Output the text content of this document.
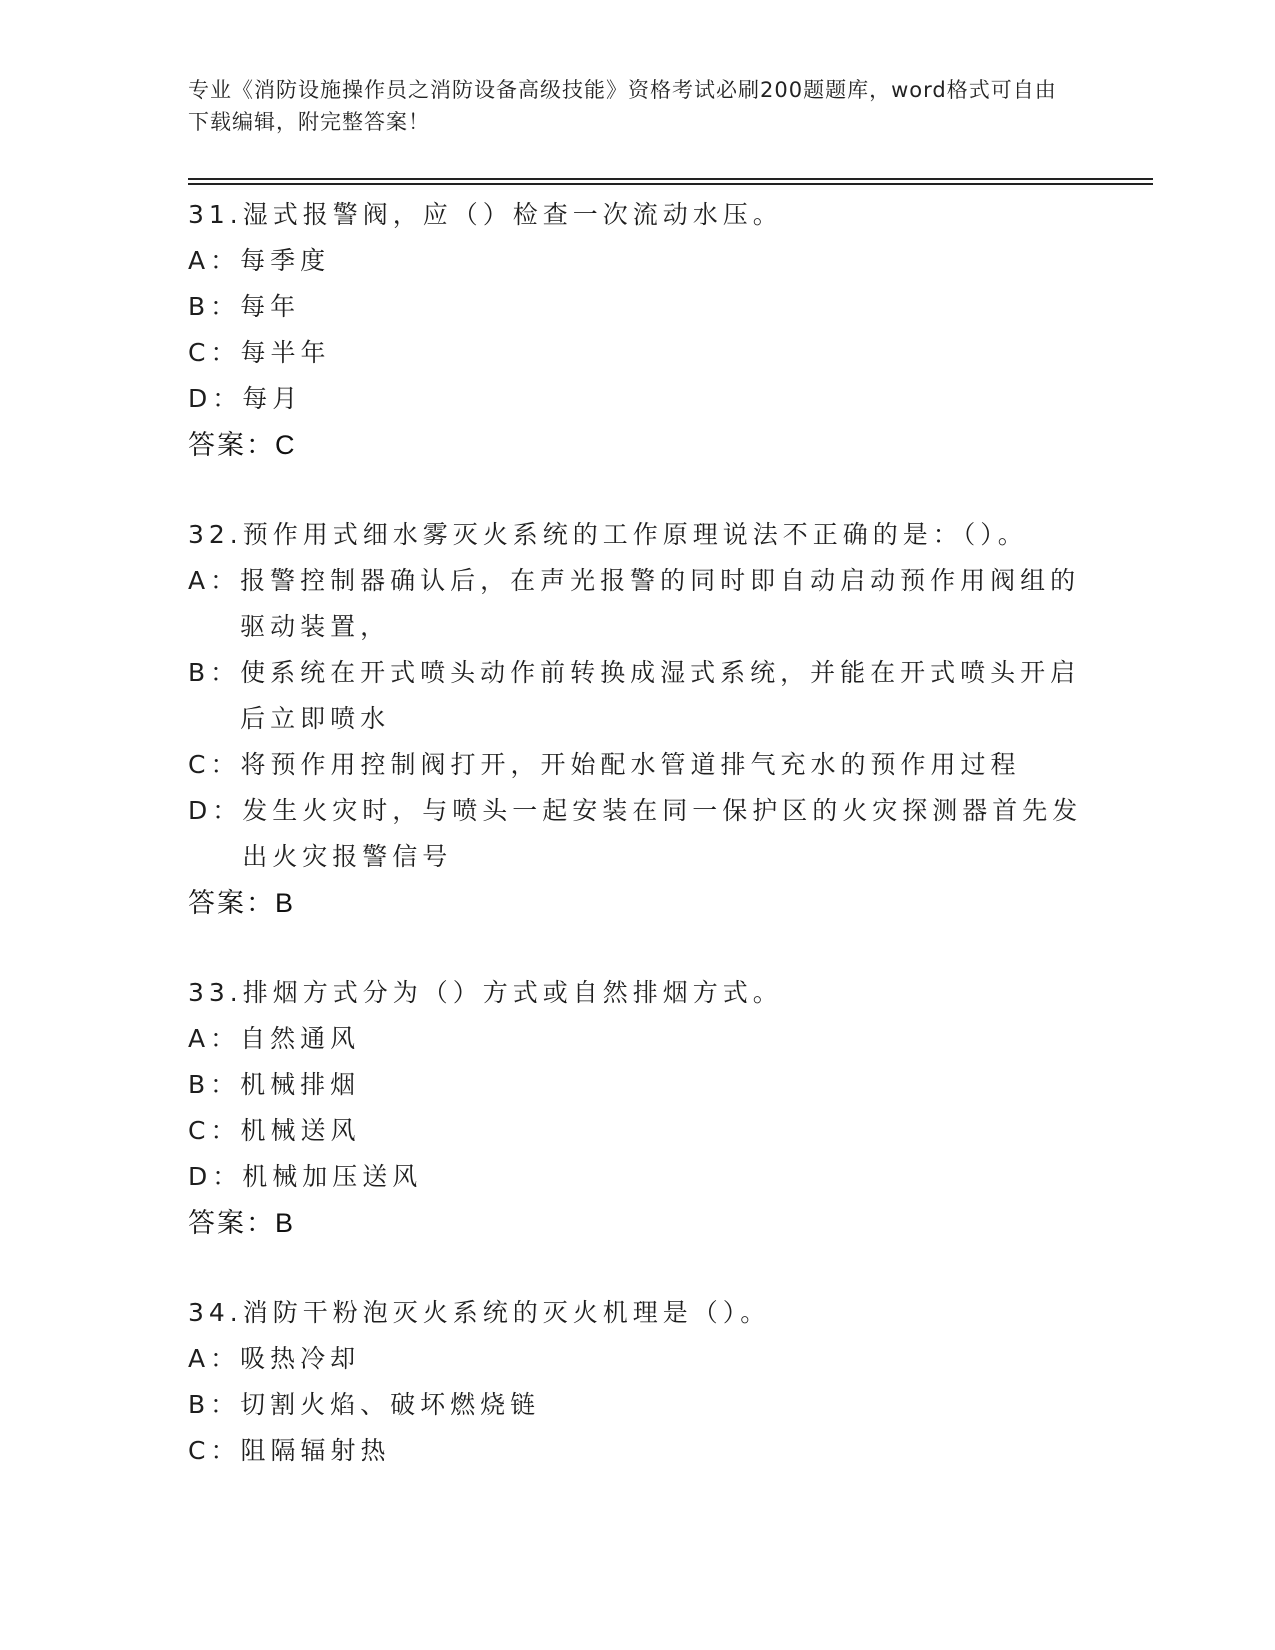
专业《消防设施操作员之消防设备高级技能》资格考试必刷200题题库，word格式可自由下载编辑，附完整答案！
31.湿式报警阀，应（）检查一次流动水压。
A： 每季度
B： 每年
C： 每半年
D： 每月
答案：C
32.预作用式细水雾灭火系统的工作原理说法不正确的是：（）。
A： 报警控制器确认后，在声光报警的同时即自动启动预作用阀组的驱动装置，
B： 使系统在开式喷头动作前转换成湿式系统，并能在开式喷头开启后立即喷水
C： 将预作用控制阀打开，开始配水管道排气充水的预作用过程
D： 发生火灾时，与喷头一起安装在同一保护区的火灾探测器首先发出火灾报警信号
答案：B
33.排烟方式分为（）方式或自然排烟方式。
A： 自然通风
B： 机械排烟
C： 机械送风
D： 机械加压送风
答案：B
34.消防干粉泡灭火系统的灭火机理是（）。
A： 吸热冷却
B： 切割火焰、破坏燃烧链
C： 阻隔辐射热
